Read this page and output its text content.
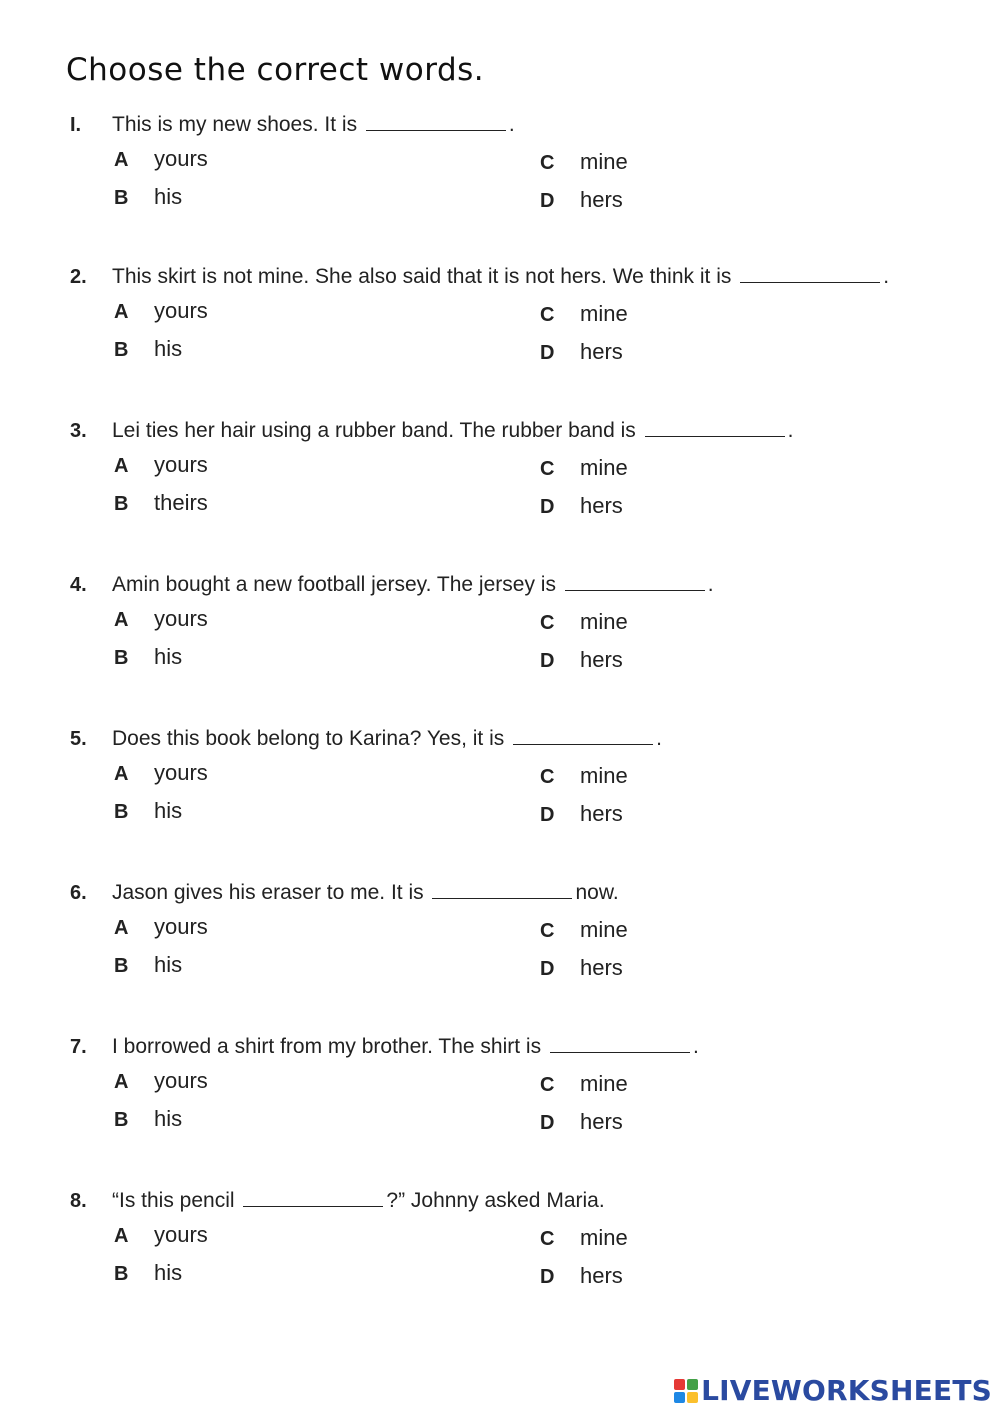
Choose the correct words.
I. This is my new shoes. It is	.
A yours
B his
C mine
D hers
2. This skirt is not mine. She also said that it is not hers. We think it is	.
A yours
B his
C mine
D hers
3. Lei ties her hair using a rubber band. The rubber band is	.
A yours
B theirs
C mine
D hers
4. Amin bought a new football jersey. The jersey is	.
A yours
B his
C mine
D hers
5. Does this book belong to Karina? Yes, it is	.
A yours
B his
C mine
D hers
6. Jason gives his eraser to me. It is	now.
A yours
B his
C mine
D hers
7. I borrowed a shirt from my brother. The shirt is	.
A yours
B his
C mine
D hers
8. “Is this pencil	?” Johnny asked Maria.
A yours
B his
C mine
D hers
LIVEWORKSHEETS
